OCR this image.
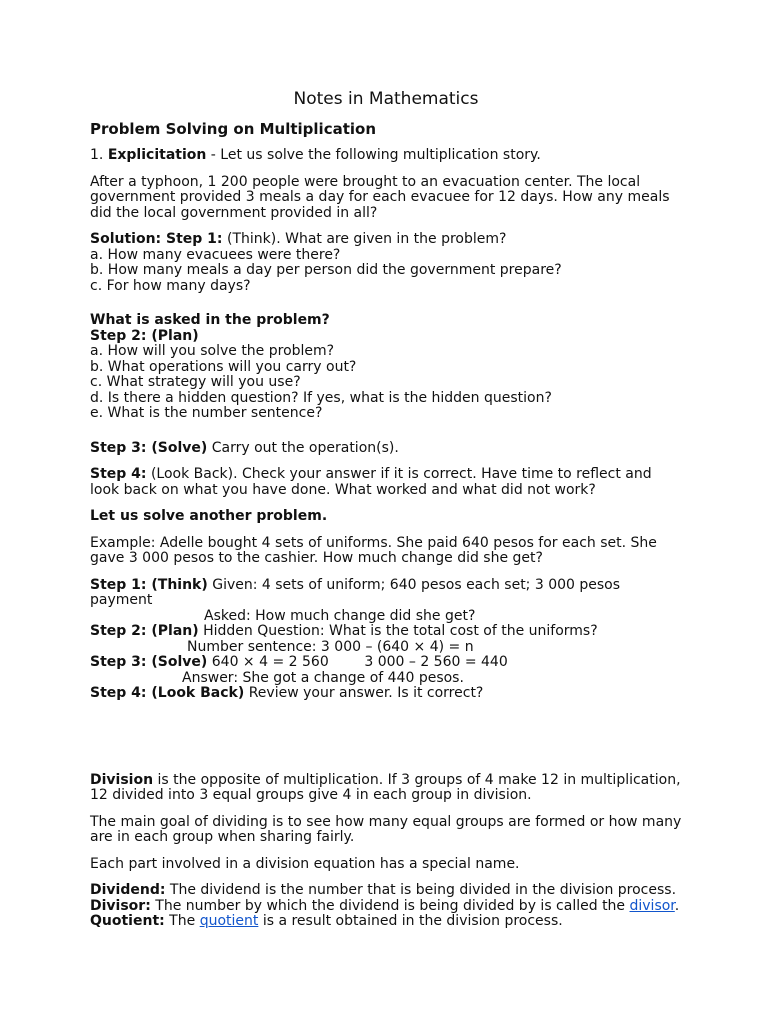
Notes in Mathematics
Problem Solving on Multiplication

1. Explicitation - Let us solve the following multiplication story.

After a typhoon, 1 200 people were brought to an evacuation center. The local government provided 3 meals a day for each evacuee for 12 days. How any meals did the local government provided in all?

Solution: Step 1: (Think). What are given in the problem?
a. How many evacuees were there?
b. How many meals a day per person did the government prepare?
c. For how many days?
What is asked in the problem?
Step 2: (Plan)
a. How will you solve the problem?
b. What operations will you carry out?
c. What strategy will you use?
d. Is there a hidden question? If yes, what is the hidden question?
e. What is the number sentence?

Step 3: (Solve) Carry out the operation(s).

Step 4: (Look Back). Check your answer if it is correct. Have time to reflect and look back on what you have done. What worked and what did not work?

Let us solve another problem.

Example: Adelle bought 4 sets of uniforms. She paid 640 pesos for each set. She gave 3 000 pesos to the cashier. How much change did she get?

Step 1: (Think) Given: 4 sets of uniform; 640 pesos each set; 3 000 pesos payment
Asked: How much change did she get?
Step 2: (Plan) Hidden Question: What is the total cost of the uniforms?
Number sentence: 3 000 – (640 × 4) = n
Step 3: (Solve) 640 × 4 = 2 560        3 000 – 2 560 = 440
Answer: She got a change of 440 pesos.
Step 4: (Look Back) Review your answer. Is it correct?

Division is the opposite of multiplication. If 3 groups of 4 make 12 in multiplication, 12 divided into 3 equal groups give 4 in each group in division.

The main goal of dividing is to see how many equal groups are formed or how many are in each group when sharing fairly.

Each part involved in a division equation has a special name.

Dividend: The dividend is the number that is being divided in the division process.
Divisor: The number by which the dividend is being divided by is called the divisor.
Quotient: The quotient is a result obtained in the division process.
